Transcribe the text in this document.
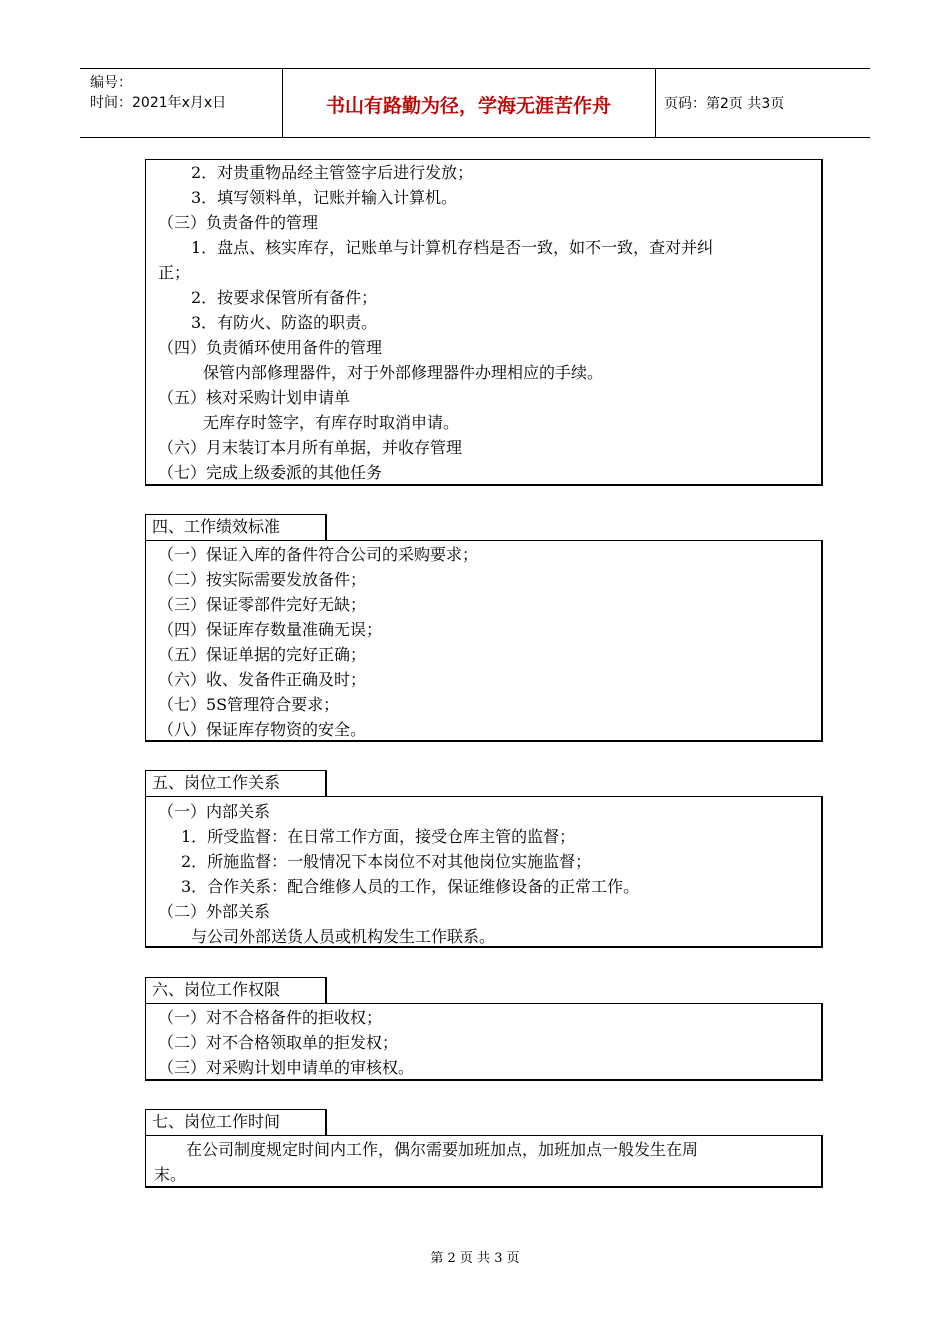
编号：
时间：2021年x月x日	书山有路勤为径，学海无涯苦作舟	页码：第2页 共3页
2．对贵重物品经主管签字后进行发放；
3．填写领料单，记账并输入计算机。
（三）负责备件的管理
1．盘点、核实库存，记账单与计算机存档是否一致，如不一致，查对并纠
正；
2．按要求保管所有备件；
3．有防火、防盗的职责。
（四）负责循环使用备件的管理
保管内部修理器件，对于外部修理器件办理相应的手续。
（五）核对采购计划申请单
无库存时签字，有库存时取消申请。
（六）月末装订本月所有单据，并收存管理
（七）完成上级委派的其他任务
四、工作绩效标准
（一）保证入库的备件符合公司的采购要求；
（二）按实际需要发放备件；
（三）保证零部件完好无缺；
（四）保证库存数量准确无误；
（五）保证单据的完好正确；
（六）收、发备件正确及时；
（七）5S管理符合要求；
（八）保证库存物资的安全。
五、岗位工作关系
（一）内部关系
1．所受监督：在日常工作方面，接受仓库主管的监督；
2．所施监督：一般情况下本岗位不对其他岗位实施监督；
3．合作关系：配合维修人员的工作，保证维修设备的正常工作。
（二）外部关系
与公司外部送货人员或机构发生工作联系。
六、岗位工作权限
（一）对不合格备件的拒收权；
（二）对不合格领取单的拒发权；
（三）对采购计划申请单的审核权。
七、岗位工作时间
在公司制度规定时间内工作，偶尔需要加班加点，加班加点一般发生在周
末。
第 2 页 共 3 页
